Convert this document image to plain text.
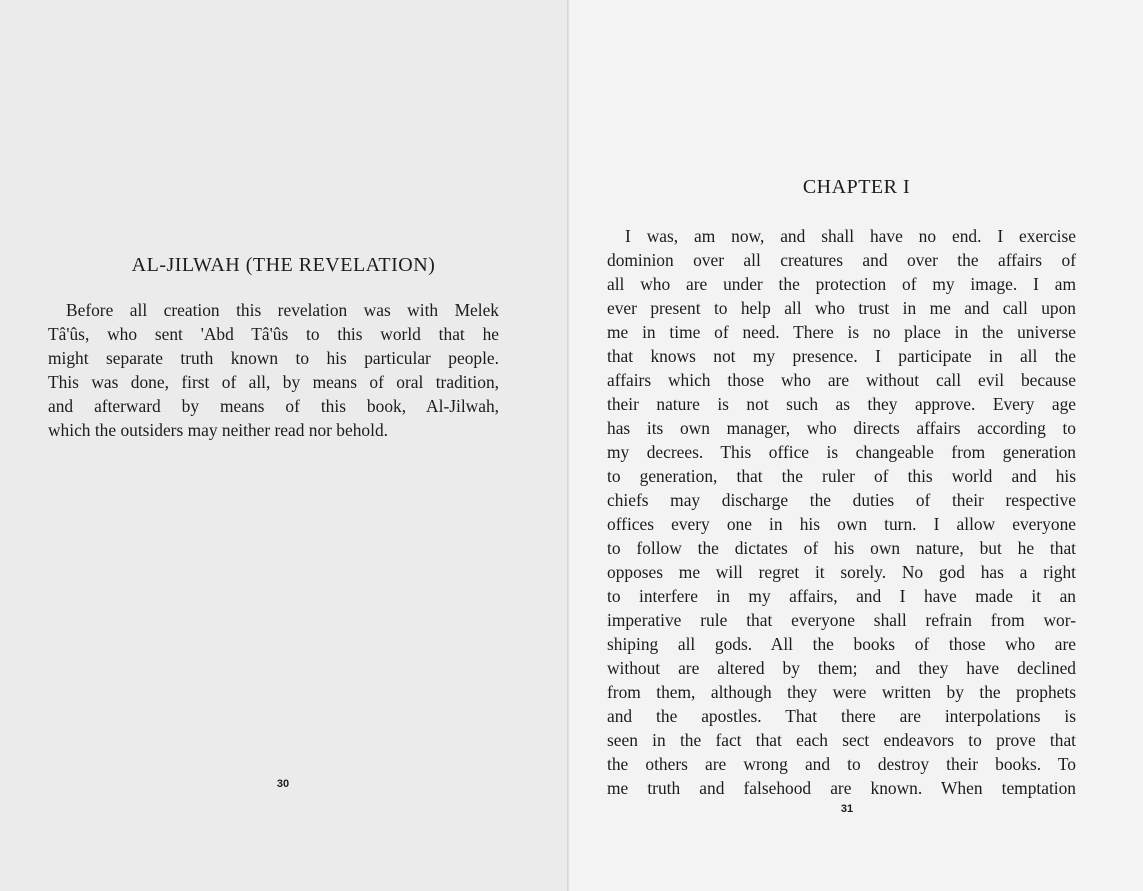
AL-JILWAH (THE REVELATION)
Before all creation this revelation was with Melek
Tâ'ûs, who sent 'Abd Tâ'ûs to this world that he
might separate truth known to his particular people.
This was done, first of all, by means of oral tradition,
and afterward by means of this book, Al-Jilwah,
which the outsiders may neither read nor behold.
30
CHAPTER I
I was, am now, and shall have no end. I exercise
dominion over all creatures and over the affairs of
all who are under the protection of my image. I am
ever present to help all who trust in me and call upon
me in time of need. There is no place in the universe
that knows not my presence. I participate in all the
affairs which those who are without call evil because
their nature is not such as they approve. Every age
has its own manager, who directs affairs according to
my decrees. This office is changeable from generation
to generation, that the ruler of this world and his
chiefs may discharge the duties of their respective
offices every one in his own turn. I allow everyone
to follow the dictates of his own nature, but he that
opposes me will regret it sorely. No god has a right
to interfere in my affairs, and I have made it an
imperative rule that everyone shall refrain from wor-
shiping all gods. All the books of those who are
without are altered by them; and they have declined
from them, although they were written by the prophets
and the apostles. That there are interpolations is
seen in the fact that each sect endeavors to prove that
the others are wrong and to destroy their books. To
me truth and falsehood are known. When temptation
31
